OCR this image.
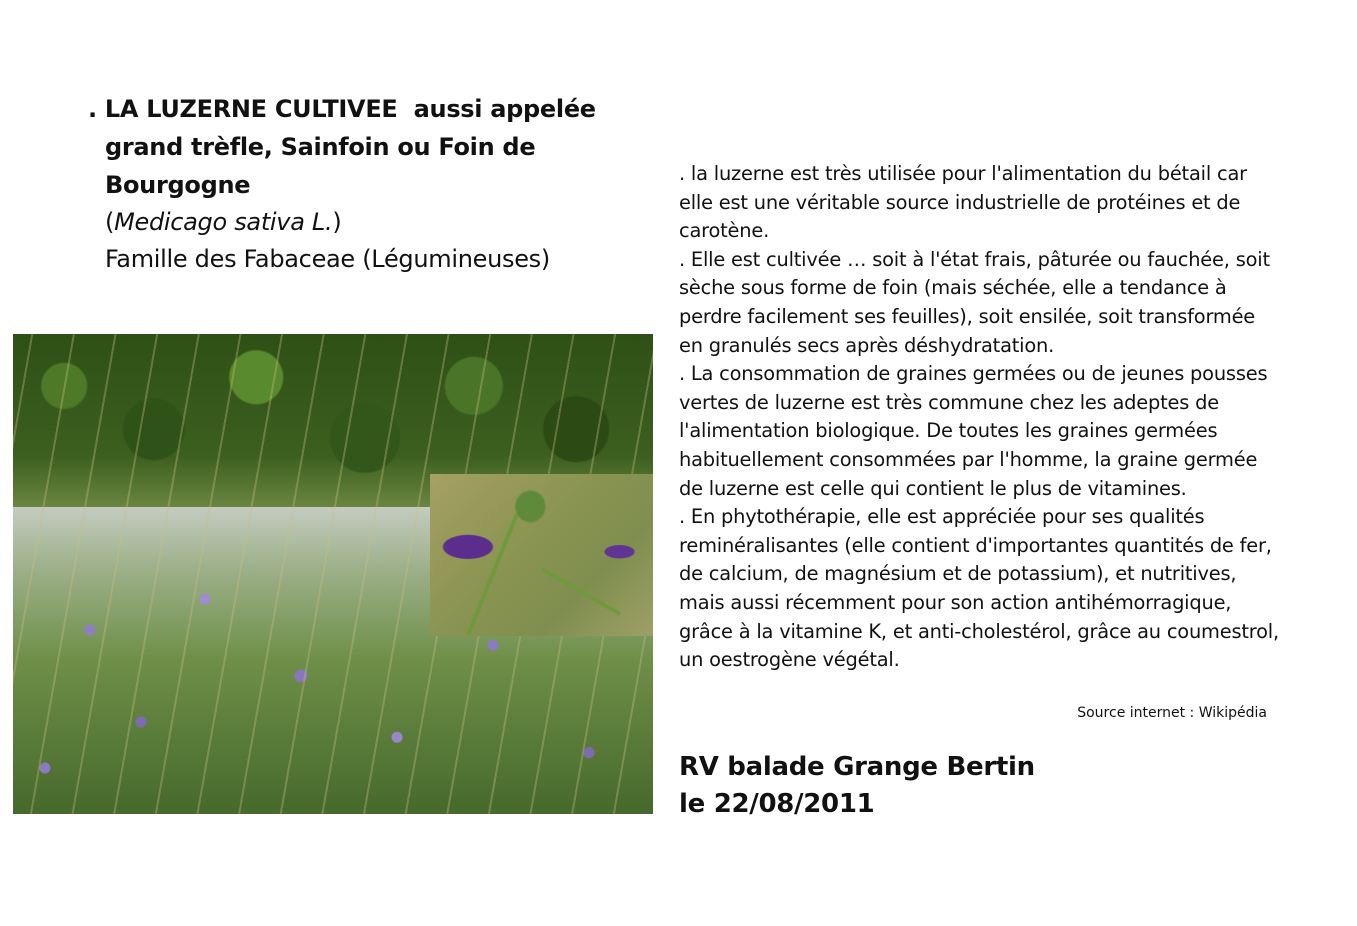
. LA LUZERNE CULTIVEE  aussi appelée
grand trèfle, Sainfoin ou Foin de
Bourgogne
(Medicago sativa L.)
Famille des Fabaceae (Légumineuses)

. la luzerne est très utilisée pour l'alimentation du bétail car elle est une véritable source industrielle de protéines et de carotène.

. Elle est cultivée … soit à l'état frais, pâturée ou fauchée, soit sèche sous forme de foin (mais séchée, elle a tendance à perdre facilement ses feuilles), soit ensilée, soit transformée en granulés secs après déshydratation.

. La consommation de graines germées ou de jeunes pousses vertes de luzerne est très commune chez les adeptes de l'alimentation biologique. De toutes les graines germées habituellement consommées par l'homme, la graine germée de luzerne est celle qui contient le plus de vitamines.

. En phytothérapie, elle est appréciée pour ses qualités reminéralisantes (elle contient d'importantes quantités de fer, de calcium, de magnésium et de potassium), et nutritives, mais aussi récemment pour son action antihémorragique, grâce à la vitamine K, et anti-cholestérol, grâce au coumestrol, un oestrogène végétal.

Source internet : Wikipédia
RV balade Grange Bertin
le 22/08/2011
